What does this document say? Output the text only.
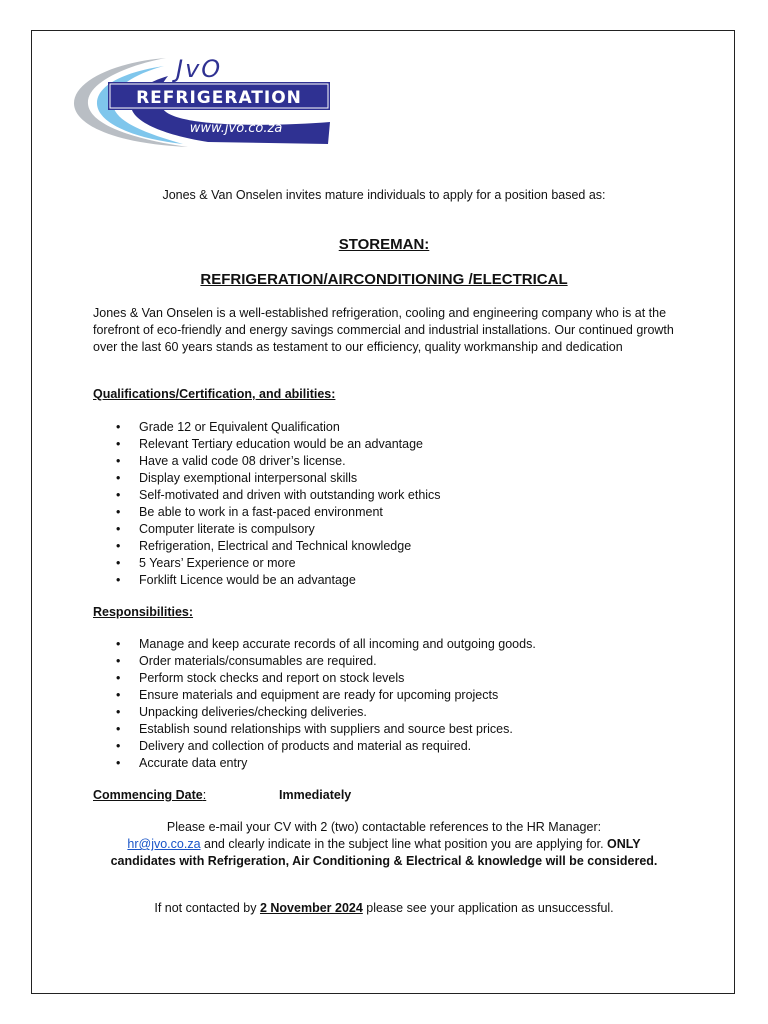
JvO
REFRIGERATION
www.jvo.co.za
Jones & Van Onselen invites mature individuals to apply for a position based as:
STOREMAN:
REFRIGERATION/AIRCONDITIONING /ELECTRICAL
Jones & Van Onselen is a well-established refrigeration, cooling and engineering company who is at the forefront of eco-friendly and energy savings commercial and industrial installations. Our continued growth over the last 60 years stands as testament to our efficiency, quality workmanship and dedication
Qualifications/Certification, and abilities:
• Grade 12 or Equivalent Qualification
• Relevant Tertiary education would be an advantage
• Have a valid code 08 driver’s license.
• Display exemptional interpersonal skills
• Self-motivated and driven with outstanding work ethics
• Be able to work in a fast-paced environment
• Computer literate is compulsory
• Refrigeration, Electrical and Technical knowledge
• 5 Years’ Experience or more
• Forklift Licence would be an advantage
Responsibilities:
• Manage and keep accurate records of all incoming and outgoing goods.
• Order materials/consumables are required.
• Perform stock checks and report on stock levels
• Ensure materials and equipment are ready for upcoming projects
• Unpacking deliveries/checking deliveries.
• Establish sound relationships with suppliers and source best prices.
• Delivery and collection of products and material as required.
• Accurate data entry
Commencing Date:	Immediately
Please e-mail your CV with 2 (two) contactable references to the HR Manager:
hr@jvo.co.za and clearly indicate in the subject line what position you are applying for. ONLY
candidates with Refrigeration, Air Conditioning & Electrical & knowledge will be considered.
If not contacted by 2 November 2024 please see your application as unsuccessful.
